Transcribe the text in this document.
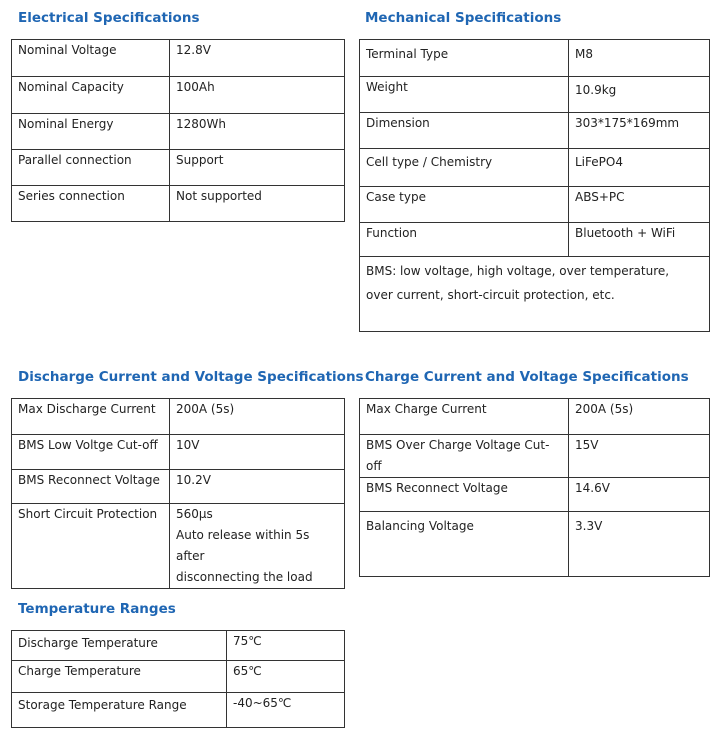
Electrical Specifications
Nominal Voltage	12.8V
Nominal Capacity	100Ah
Nominal Energy	1280Wh
Parallel connection	Support
Series connection	Not supported
Mechanical Specifications
Terminal Type	M8
Weight	10.9kg
Dimension	303*175*169mm
Cell type / Chemistry	LiFePO4
Case type	ABS+PC
Function	Bluetooth + WiFi

BMS: low voltage, high voltage, over temperature,
over current, short-circuit protection, etc.	
Discharge Current and Voltage Specifications
Max Discharge Current	200A (5s)
BMS Low Voltge Cut-off	10V
BMS Reconnect Voltage	10.2V
Short Circuit Protection	560µs
Auto release within 5s after
disconnecting the load
Charge Current and Voltage Specifications
Max Charge Current	200A (5s)
BMS Over Charge Voltage Cut-off	15V
BMS Reconnect Voltage	14.6V
Balancing Voltage	3.3V
Temperature Ranges
Discharge Temperature	75℃
Charge Temperature	65℃
Storage Temperature Range	-40~65℃
